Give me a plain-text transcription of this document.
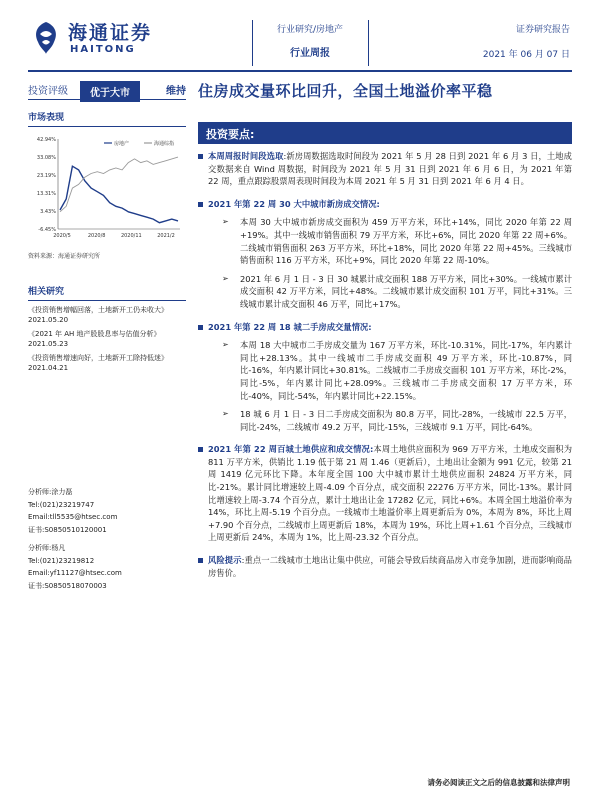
海通证券
HAITONG
行业研究/房地产
行业周报
证券研究报告
2021 年 06 月 07 日
投资评级	优于大市	维持 住房成交量环比回升，全国土地溢价率平稳
市场表现
42.94%
33.08%
23.19%
13.31%
3.43%
-6.45%
2020/5	2020/8	2020/11	2021/2
房地产	海通综指
资料来源：海通证券研究所
相关研究
《投资销售增幅回落，土地新开工仍未收大》
2021.05.20
《2021 年 AH 地产股股息率与估值分析》
2021.05.23
《投资销售增速向好，土地新开工除持低迷》
2021.04.21
分析师:涂力磊
Tel:(021)23219747
Email:tll5535@htsec.com
证书:S0850510120001
分析师:杨凡
Tel:(021)23219812
Email:yf11127@htsec.com
证书:S0850518070003
投资要点:
本周周报时间段选取:新房周数据选取时间段为 2021 年 5 月 28 日到 2021 年 6 月 3 日，土地成交数据来自 Wind 周数据，时间段为 2021 年 5 月 31 日到 2021 年 6 月 6 日，为 2021 年第 22 周，重点跟踪股票周表现时间段为本周 2021 年 5 月 31 日到 2021 年 6 月 4 日。
2021 年第 22 周 30 大中城市新房成交情况:
➢ 本周 30 大中城市新房成交面积为 459 万平方米，环比+14%，同比 2020 年第 22 周+19%。其中一线城市销售面积 79 万平方米，环比+6%，同比 2020 年第 22 周+6%。二线城市销售面积 263 万平方米，环比+18%，同比 2020 年第 22 周+45%。三线城市销售面积 116 万平方米，环比+9%，同比 2020 年第 22 周-10%。
➢ 2021 年 6 月 1 日 - 3 日 30 城累计成交面积 188 万平方米，同比+30%。一线城市累计成交面积 42 万平方米，同比+48%。二线城市累计成交面积 101 万平，同比+31%。三线城市累计成交面积 46 万平，同比+17%。
2021 年第 22 周 18 城二手房成交量情况:
➢ 本周 18 大中城市二手房成交量为 167 万平方米，环比-10.31%，同比-17%，年内累计同比+28.13%。其中一线城市二手房成交面积 49 万平方米，环比-10.87%，同比-16%，年内累计同比+30.81%。二线城市二手房成交面积 101 万平方米，环比-2%，同比-5%，年内累计同比+28.09%。三线城市二手房成交面积 17 万平方米，环比-40%，同比-54%，年内累计同比+22.15%。
➢ 18 城 6 月 1 日 - 3 日二手房成交面积为 80.8 万平，同比-28%，一线城市 22.5 万平，同比-24%，二线城市 49.2 万平，同比-15%，三线城市 9.1 万平，同比-64%。
2021 年第 22 周百城土地供应和成交情况:本周土地供应面积为 969 万平方米，土地成交面积为 811 万平方米，供销比 1.19 低于第 21 周 1.46（更新后），土地出让金额为 991 亿元，较第 21 周 1419 亿元环比下降。本年度全国 100 大中城市累计土地供应面积 24824 万平方米，同比-21%。累计同比增速较上周-4.09 个百分点，成交面积 22276 万平方米，同比-13%。累计同比增速较上周-3.74 个百分点，累计土地出让金 17282 亿元，同比+6%。本周全国土地溢价率为 14%，环比上周-5.19 个百分点。一线城市土地溢价率上周更新后为 0%，本周为 8%，环比上周+7.90 个百分点，二线城市上周更新后 18%，本周为 19%，环比上周+1.61 个百分点，三线城市上周更新后 24%，本周为 1%，比上周-23.32 个百分点。
风险提示:重点一二线城市土地出让集中供应，可能会导致后续商品房入市竞争加剧，进而影响商品房售价。
请务必阅读正文之后的信息披露和法律声明
